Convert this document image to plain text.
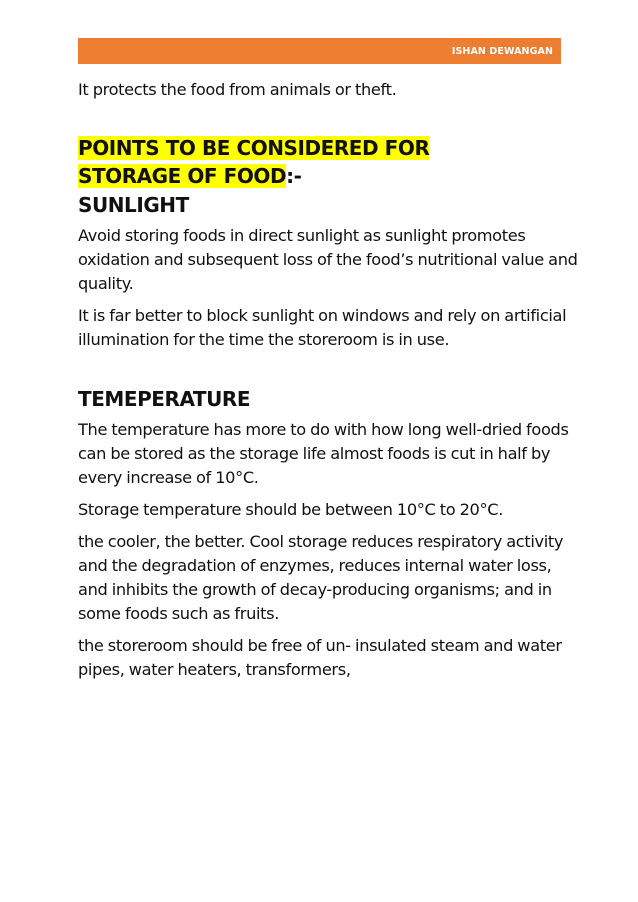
ISHAN DEWANGAN

It protects the food from animals or theft.

POINTS TO BE CONSIDERED FOR

STORAGE OF FOOD:-

SUNLIGHT

Avoid storing foods in direct sunlight as sunlight promotes oxidation and subsequent loss of the food’s nutritional value and quality.

It is far better to block sunlight on windows and rely on artificial illumination for the time the storeroom is in use.

TEMEPERATURE

The temperature has more to do with how long well-dried foods can be stored as the storage life almost foods is cut in half by every increase of 10°C.

Storage temperature should be between 10°C to 20°C.

the cooler, the better. Cool storage reduces respiratory activity and the degradation of enzymes, reduces internal water loss, and inhibits the growth of decay-producing organisms; and in some foods such as fruits.

the storeroom should be free of un- insulated steam and water pipes, water heaters, transformers,
